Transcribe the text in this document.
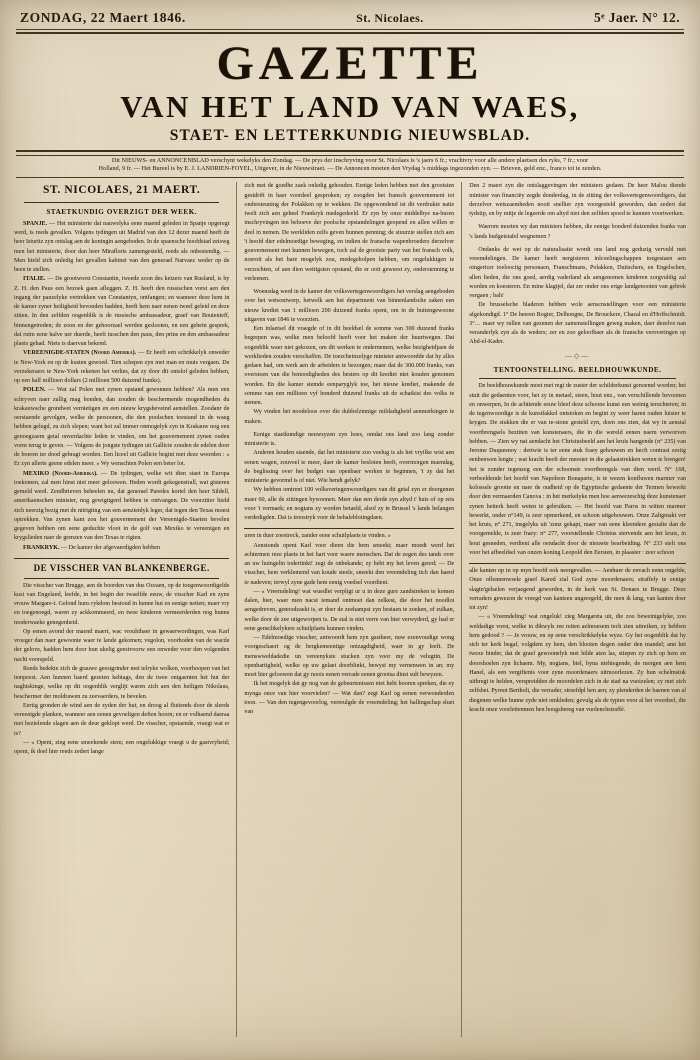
ZONDAG, 22 Maert 1846.	St. Nicolaes.	5ᵉ Jaer. N° 12.
GAZETTE
VAN HET LAND VAN WAES,
STAET- EN LETTERKUNDIG NIEUWSBLAD.
Dit NIEUWS- en ANNONCENBLAD verschynt wekelyks den Zondag. — De prys der inschryving voor St. Nicolaes is 's jaers 6 fr.; vrachtvry voor alle andere plaetsen des ryks, 7 fr.; voor
Holland, 9 fr. — Het Bureel is by E. J. LANDRIEN-FOYEL, Uitgever, in de Nieuwstraet. — De Annoncen moeten den Vrydag 's middags ingezonden zyn. — Brieven, geld enz., franco tot te zenden.
ST. NICOLAES, 21 MAERT.
STAETKUNDIG OVERZIGT DER WEEK.

SPANJE. — Het ministerie dat nauwelyks eene maend geleden in Spanje opgeregt werd, is reeds gevallen. Volgens tydingen uit Madrid van den 12 dezer maend heeft de heer Isturitz zyn ontslag aen de koningin aengeboden. In de spaensche hoofdstad zeiswg men het ministerie, door dan heer Mirafloris zamengesteld, reeds als onbestendig. — Men hield zich onledig het gevallen kabinet van den generael Narvaez weder op de been te stellen.

ITALIE. — De grootworst Constantin, tweede zoon des keizers van Rusland, is by Z. H. den Paus een bezoek gaen afleggen. Z. H. heeft den russischen vorst aen den ingang der pauzelyke vertrekken van Constantyn, ontfangen; en wanneer deze hem in de kamer zyner heiligheid bevonden hadden, heeft hem naer eenen tweel geleid en deze zitten. In den zelfden oogenblik is de russische ambassadeur, graef van Boutenieff, binnengetreden; de zoon en der gehoorzael werden geslooten, en een gehein gesprek, dat ruim eene halve uer duerde, heeft tusschen den paus, den prins en den ambassadeur plaets gehad. Niets is daervan bekend.

VEREENIGDE-STATEN (Noord Amerika). — Er heeft een schrikkelyk onweder te New-York en op de kusten gewoed. Tien schepen zyn met man en muis vergaen. De verzekeraers te New-York rekenen het verlies, dat zy door dit ontslof geleden hebben, op een half millioen dollars (2 millioen 500 duizend franks).

POLEN. — Wat zal Polen met zynen opstand gewonnen hebben? Als men een schryven naer zullig mag honden, dan zouden de beschermende mogendheden du krakauwsche grondwet vernietigen en een nieuw krygsheveind aenstellen. Zoodanr de oerstaende gevolgen, welke de persoonen, die den poolschen toestand in de waeg hebben gelegd, zu zich slepen; want hot zal immer onmogelyk zyn in Krakauw nog een genoegzaem getal onverdachte leden te vinden, om het gouvernement zynen ouden vorm terug te geven. — Volgens de jongste tydingen uit Gallicie zouden de edelen door de boeren ter dood gebragt worden. Een liceel uit Gallicie begint met deze woorden : « Er zyn allerte geene edelen meer. » Wy wenschten Polen een beter lot.

MEXIKO (Noord-Amerika). — De tydingen, welke wit dien staet in Europa toekomen, zal men hinst niet meer geloowen. Heden wordt gekegenstrall, wat gisteren gemeld werd. Zendbrieven beheelen nu, dat generael Paredes kortel den heer Sildell, amerikaenschen minister, nog gewigtigerd hebben te ontvangen. De voorzitter hield zich neerzig bezig met de nitrigting van een aenzienlyk leger, dat tegen den Texas moest optrekken. Van zynen kant zou het gouvernement der Vereenigde-Staeten bevelen gegeven hebben om eene geduchte vloot in de golf van Mexiko te vereenigen en krygslieden naer de grenzen van den Texas te rigten.

FRANKRYK. — De kamer der afgevaerdigden hebben

DE VISSCHER VAN BLANKENBERGE.

Die visscher van Brugge, aen de boorden van dus Oceaen, op de toegenwoordigelde kust van Engeland, leefde, in het begin der twaelfde eeuw, de visscher Karl en zyne vrouw Margare-t. Gelond huns rykdom bestoud in hunne hut en eenige netten; maer vry en toegenoegd, waren zy ackkommeerd, en twee kinderen vermeerderden nog hunne moderwaeke genegenheid.

Op eenen avond der maend maert, wac vrouhibaer in gewaerwordingen, was Karl vroeger dan naer gewoonte waer te lande gekomen; vegolon, voorhoden van de wacde der gelove, hadden hem door hun ukelig geestvoorw een onweder voor den volgenden nacht voorspeld.

Reeds bedekte zich de grauwe geestgrinder met telryke wolken, voorhoopen van het tempeest. Aen hunnen haerd gezeten kebtags, den de twee ontgaenten het hut der naghtskinge, welke op dit oogenblik verglijt waren zich aen den heiligen Nikolaus, beschermer der moldrawen zu zeevaerders, te bevelen.

Eertig gronden de wind aen de zyden der hut, en droog al fluitends door de sleeds vereenigde planken, wanneer aen eenen gevoeligen deften hoorn; en er volhaend daeraa met bezielende slagen aen de deur geklopt werd. De visscher, opstaende, vraegt wat er is?

— « Opent, zieg eene smeekende stem; een ongelukkige vraegt u de gastvryheid; opent, ik doel hier reeds zedert lange

zich met de goedhe zaek onledig gehouden. Eenige leden hebben met den grootsten gestdrift in haer voordeel gesproken; zy zoogden het fransch gouvernement tot ondersteuning der Polakken op te wekken. De opgewondend ist dit verdrukte natie iwelt zich aen geheel Frankryk medegedeeld. Er zyn by onze middelbye na-buren inschryvingen ten behoeve der poolsche opstandelingen geopend en allen willen er deel in nemen. De werkliden zelfs geven hunnen penning; de stuurzie stellen zich aen 't hoofd dier edelmoedige beweging, en indien de fransche wapenbroeders derzelver gouvernement met kunnen bewegen, toch zal de grootste party van het fransch volk, noeroit als het hare mogelyk zou, medegeholpen hebben, om ongelukkigen te verzochten, of aen dien wettigsten opstand, die er ooit geweest zy, onderstenning te verleenen.

Woensdag werd in de kamer der volksvertegenwoordigers het verslag aengeboden over het wetsontwerp, hetwelk aen het department van binnenlandsche zaken een nieuw krediet van 1 millioen 200 duizend franks opent, om in de buitengewoone uitgaven van 1846 te voorzien.

Een inlaetsel dit vraegde of in dit beeldsel de somme van 300 duizend franks begrepen was, welke men beloofd heeft voor het maken der huurtwegen. Dat oogenblik waer niet gekozen, om dit werken te ondernemen, welke bezigheidjaen de werklieden zouden verschaffen. De toezcheinzelyge minister antwoordde dat hy alles gedaen had, om werk aen de arbeiders te bezorgen; maer dat de 300.000 franks, van overstoen van die benoodigheden des besters op dit krediet niet kouden genomen worden. En die kamer stemde eenparyglyk toe, het nieuw krediet, makende de somme van een millioen vyf honderd duizend franks uit de schatkist des volks te nemen.

Wy vinden het noodeloos over die dubbelzinnige mildadigheid aenmerkingen te maken.

Eenige staetkundige neuwsyzen zyn hoes, omdat ons land zoo lang zonder ministerie is.

Anderen houden staende, dat het ministerie zoo veelug is als het vryilke wist aen eenen wagen, zouveel te meer, daer de kamer besloten heeft, overmorgen maendag, de beglissing over het budget van openbaer werken te beginnen, 't zy dat het ministerie gevormd is of niet. Wie hendt gelyk?

Wy hebben omtrent 100 volksvertegenwoordigers van dit getal zyn er doorgenen maer 60, alle de zittingen bywoonen. Meer dan een derde zyn altyd t' huis of op reis voor 't vermaek; en nogtans zy worden betaeld, alsof zy te Brussel 's lands belangen verdedigden. Dat is troostryk voor de behaleblotingdaen.

uren in duer zoestreck, zander eene schuilplaets te vinden. »

Aenstonds opent Karl voor dieen die hem smeekt; maer moedt werd het achtermen reze plaets in het hart voor waere menschen. Dat de zegen des tands over an uw huingelin todertinkt! zegt de onbekande; zy hebt my het leven gered; — De visscher, hem verklemend van koude steele, smeekt den vreemdeling tich dan haerd te nadeven; terwyl zyne gade hem eenig voedsel voordient.

— « Vreemdeling! wat wuedlet verpligt ur u in deze gure zandstreken te komen dalen, hier, waer men nacst iemand ontmoet dan zelkest, die door het noodlot aengedreven, genoodzaekt is, er doer de zeehampst zyn bestaen te zoeken, of zulkan, welke door de zee uitgeworpen is. De stal is niet verre van hier verwyderd, gy had er eene genschkelykere schuilplaets kunnen vinden.

— Edelmoedige visscher, antwoordt hem zyn gastheer, nuw ezenvoudige wong voorgeschaert og de bergkemeentige ontzagdigheid, waer in gy leeft. De menswweldadedie un vereenykste stucken zyn voor my de velugtin. De openhartigheid, welke op uw gelaet doorblinkt, bewyst my vernenwen in an; my moet hier geloowen dat gy noois eenen verrade eenen grootsa dinst sult bewyzen.

Ik het mogelyk dat gy nog van de gebeurtenissen niet hebt hooren spreken, die ey mynga once van hier voorvielen? — Wat dan? zegt Karl og eenen verwonderden toon. — Van den tegengevoorlog, verreulgde de vreemdeling; het ballingschap sluet van

Den 2 maert zyn die ontslaggevingen der ministers gedaen. De heer Malou diende minister van financiëy zegde donderdag, in de zitting der volksvertegenwoordigers, dat derzelver wetszaemheden nooit snellier zyn voorgesteld geworden, dan zedert dat tydstip, en by mitje de legeerde om altyd niet den zelfden spoed te kunnen voortwerken.

Waerom moeten wy dan ministers hebben, die eenige honderd duizenden franks van 's lands budgetstafel wegnemen ?

Ondanks de wet op de naturalisatie wordt ons land nog geduzig vervuld met vreemdelingen. De kamer heeft nergisteren inlcoelingschappen toegestaen aen oingericer toelooctig personaen, Franschmans, Polakken, Duitschers, en Engelschen, allen lieden, die ons goed, aerdig vaderland als aengenomen kinderen zorgvuldig zal worden en koesteren. En mine klagtjel, dat zer onder ons ertge landgenooten van gebrek vergaen ; bah!

De brusselsche bladeren hebben wole aenscnstellingen voor een ministerie afgekondigd. 1° De heeren Rogier, Delhongne, De Brouckere, Chazal en d'Hoffschmidt. 3°… maer wy rullen van gezenen der zamenstellingen geweg maken, daer dezelve nan veranderlyk zyn als de weders; zer en zoo geloofbaer als de fransche veroveringen op Abd-el-Kader.

—◇—
TENTOONSTELLING. BEELDHOUWKUNDE.

De beeldhouwkunde moet met regt de zuster der schilderkunst genoemd worden; het stuit die gedaenten voor, het zy in metael, steen, hout enz., van verschillende bevoonen en onwerpen, In de achtiende eeuw bleef deze schoone kunst een weinig teruchteren; in de tegenwoordige is de kunstfakkel ontstoken en begint zy weer haren ouden luister te krygen. De stukken die er van te-stone gesteld zyn, doen ons zien, dat wy in aenstal voortbrengsels bezitten van kunstenaers, die in die wereld eenen naem verworven hebben. — Zien wy nat aendacht het Christusbeeld aen het kruis hangende (n° 235) van Jerome Duquesnoy : dertwie is ter eene stuk fraey gehouwen en hecft contrast zestig eenbenwen lengte ; wat kracht heeft der meester in die gelaatstrekken weten te brengen! het is zonder tegenzeg een der schoonste voortbrengsls van dien werd. N° 168, verbeeldende het hoofd van Napoleon Bonaparte, is te wezen konfluwen marmer van kolosssle grootte en naer de oudheid op de Egyptische gedaente der Termen bewerkt door den vermaerden Canova : in het merkelyke men hoe aenwezeschig deze kunstenaer zynen heiterk heeft weten te gebruiken. — Het hoofd van Paros in witten marmer bewerkt, onder n°149, is zeer opmerkend, en schoon uitgehouwen. Onze Zaligmakt ver het kruis, n° 271, insgelyks uit 'zonz gekapt, maer van eene kleendere gestalte dan de voorgemelde, is zeer fraey: n° 277, voorstellende Christus stervende aen het kruis, in hout gesneden, verdient alle oendacht door de nieuwte bearbeiding. N° 233 stelt ons voor het afbeeldsel van onzen koning Leopold den Eersten, in plaaster : zeer schoon

alle kanten op in op myn hoofd ook neergevallen. — Aenhuer de envach eenn ongelde, Onze oflennenwsele graef Kared zial God zyne moordenaers; straffely te eenige slagtn'gelselen verjaegend geworden, in de kerk van St. Donaes te Brugge. Deze verraders gewezon de vreegd van kanteen ungeregeld, die men ik lang, van kanten doer tot zyn!

— « Vreemdeling! wat ongeluk! zieg Margareta uit, die zoo beweinigelyke, zoo weldadige vorst, welke in dikwyls ree reiten aelmoesem tech zien uitreiken, zy hebben hem gedood ? — Je vrouw, en op eene verschrikkelyke wyze. Gy het oogenblik dat hy sich ter kerk begaf, volgdem zy hem, den blooten degen onder den mandel; ann het tweze binder, dat de graef gewoonelyk met hilde aten las, stiepen zy zich op hem en doorshoelen zyn lichaem. My, nogtans, biel, byna niehtegende, de morgen aen hem Hanel, als een vergiftenis voor zyne moordenaers uitmoorlezen. Zy hun schelmstuk uitbregt te helden, verspreidden de moordelen zich in de stad na vuoizelen; zy met zich zelfsbet. Pyrnot Bertholi, die verrader, streefdpl hen aen; zy plenderden de baenen van al diegenen welke hunne zyde niet omkleden; gevulg als de typies voor al het voordeel, die kracht onze voorlettenmen hen hoogsbereg van vuolenchstraffé.
